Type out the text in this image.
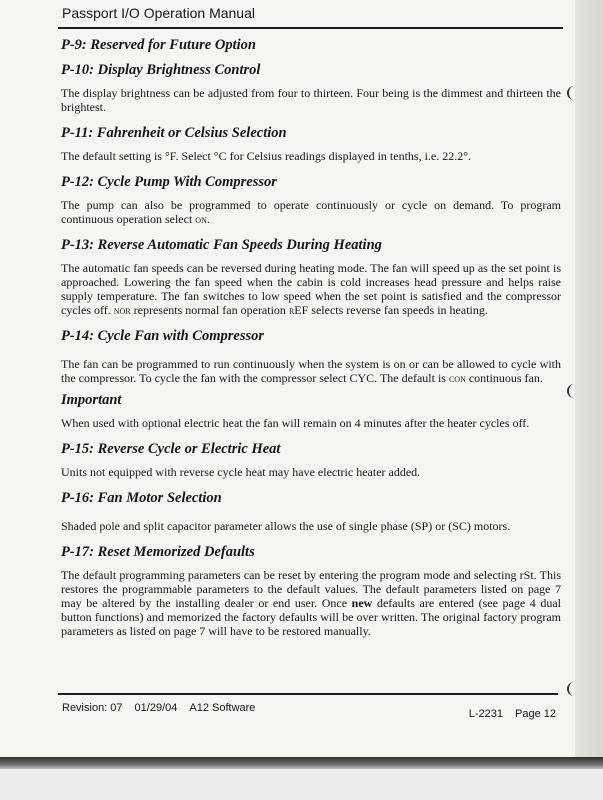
Passport I/O Operation Manual
P-9: Reserved for Future Option
P-10: Display Brightness Control

The display brightness can be adjusted from four to thirteen. Four being is the dimmest and thirteen the brightest.

P-11: Fahrenheit or Celsius Selection

The default setting is °F. Select °C for Celsius readings displayed in tenths, i.e. 22.2°.

P-12: Cycle Pump With Compressor

The pump can also be programmed to operate continuously or cycle on demand. To program continuous operation select on.

P-13: Reverse Automatic Fan Speeds During Heating

The automatic fan speeds can be reversed during heating mode. The fan will speed up as the set point is approached. Lowering the fan speed when the cabin is cold increases head pressure and helps raise supply temperature. The fan switches to low speed when the set point is satisfied and the compressor cycles off. nor represents normal fan operation rEF selects reverse fan speeds in heating.

P-14: Cycle Fan with Compressor

The fan can be programmed to run continuously when the system is on or can be allowed to cycle with the compressor. To cycle the fan with the compressor select CYC. The default is con continuous fan.

Important

When used with optional electric heat the fan will remain on 4 minutes after the heater cycles off.

P-15: Reverse Cycle or Electric Heat

Units not equipped with reverse cycle heat may have electric heater added.

P-16: Fan Motor Selection

Shaded pole and split capacitor parameter allows the use of single phase (SP) or (SC) motors.

P-17: Reset Memorized Defaults

The default programming parameters can be reset by entering the program mode and selecting rSt. This restores the programmable parameters to the default values. The default parameters listed on page 7 may be altered by the installing dealer or end user. Once new defaults are entered (see page 4 dual button functions) and memorized the factory defaults will be over written. The original factory program parameters as listed on page 7 will have to be restored manually.

Revision: 07 01/29/04 A12 Software	L-2231 Page 12
